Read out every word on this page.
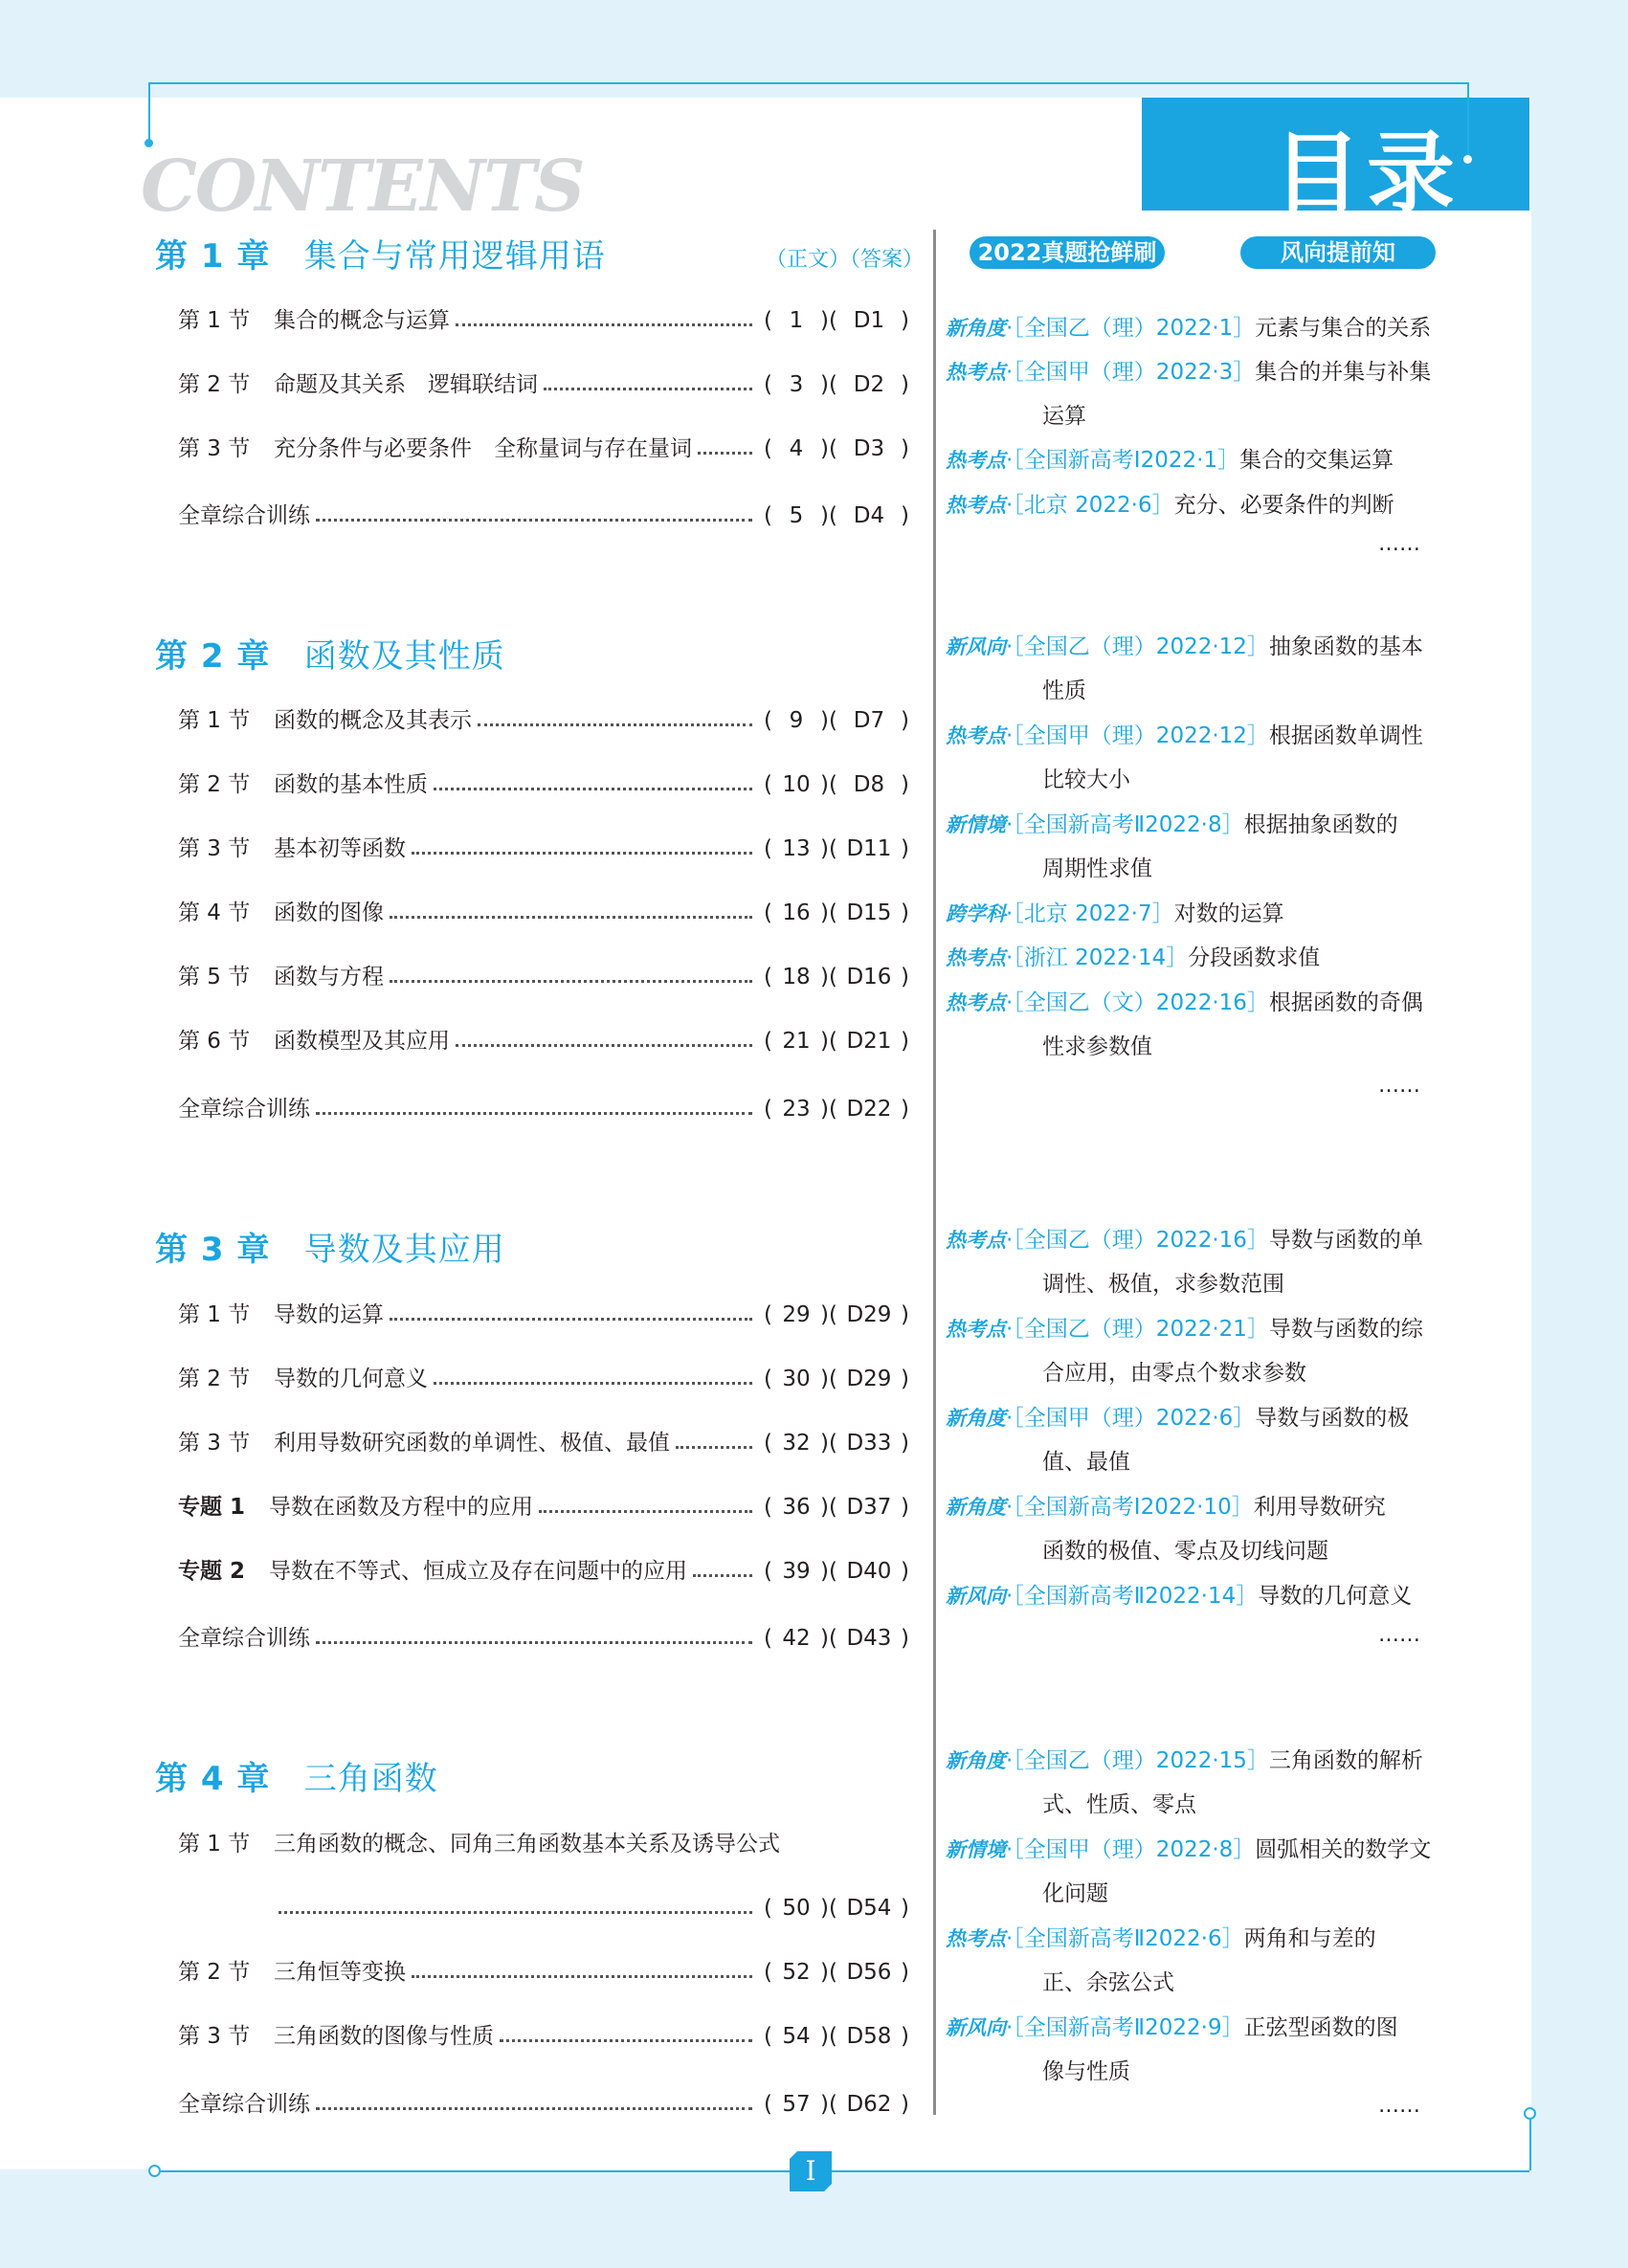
目录
CONTENTS
（正文）（答案）	2022真题抢鲜刷	风向提前知
第 1 章 集合与常用逻辑用语
第 1 节 集合的概念与运算	( 1 )( D1 )
第 2 节 命题及其关系　逻辑联结词	( 3 )( D2 )
第 3 节 充分条件与必要条件　全称量词与存在量词	( 4 )( D3 )
全章综合训练	( 5 )( D4 )
新角度·［全国乙（理）2022·1］元素与集合的关系
热考点·［全国甲（理）2022·3］集合的并集与补集
运算
热考点·［全国新高考Ⅰ2022·1］集合的交集运算
热考点·［北京 2022·6］充分、必要条件的判断
……
第 2 章 函数及其性质
第 1 节 函数的概念及其表示	( 9 )( D7 )
第 2 节 函数的基本性质	( 10 )( D8 )
第 3 节 基本初等函数	( 13 )( D11 )
第 4 节 函数的图像	( 16 )( D15 )
第 5 节 函数与方程	( 18 )( D16 )
第 6 节 函数模型及其应用	( 21 )( D21 )
全章综合训练	( 23 )( D22 )
新风向·［全国乙（理）2022·12］抽象函数的基本
性质
热考点·［全国甲（理）2022·12］根据函数单调性
比较大小
新情境·［全国新高考Ⅱ2022·8］根据抽象函数的
周期性求值
跨学科·［北京 2022·7］对数的运算
热考点·［浙江 2022·14］分段函数求值
热考点·［全国乙（文）2022·16］根据函数的奇偶
性求参数值
……
第 3 章 导数及其应用
第 1 节 导数的运算	( 29 )( D29 )
第 2 节 导数的几何意义	( 30 )( D29 )
第 3 节 利用导数研究函数的单调性、极值、最值	( 32 )( D33 )
专题 1 导数在函数及方程中的应用	( 36 )( D37 )
专题 2 导数在不等式、恒成立及存在问题中的应用	( 39 )( D40 )
全章综合训练	( 42 )( D43 )
热考点·［全国乙（理）2022·16］导数与函数的单
调性、极值，求参数范围
热考点·［全国乙（理）2022·21］导数与函数的综
合应用，由零点个数求参数
新角度·［全国甲（理）2022·6］导数与函数的极
值、最值
新角度·［全国新高考Ⅰ2022·10］利用导数研究
函数的极值、零点及切线问题
新风向·［全国新高考Ⅱ2022·14］导数的几何意义
……
第 4 章 三角函数
第 1 节 三角函数的概念、同角三角函数基本关系及诱导公式
( 50 )( D54 )
第 2 节 三角恒等变换	( 52 )( D56 )
第 3 节 三角函数的图像与性质	( 54 )( D58 )
全章综合训练	( 57 )( D62 )
新角度·［全国乙（理）2022·15］三角函数的解析
式、性质、零点
新情境·［全国甲（理）2022·8］圆弧相关的数学文
化问题
热考点·［全国新高考Ⅱ2022·6］两角和与差的
正、余弦公式
新风向·［全国新高考Ⅱ2022·9］正弦型函数的图
像与性质
……
I
